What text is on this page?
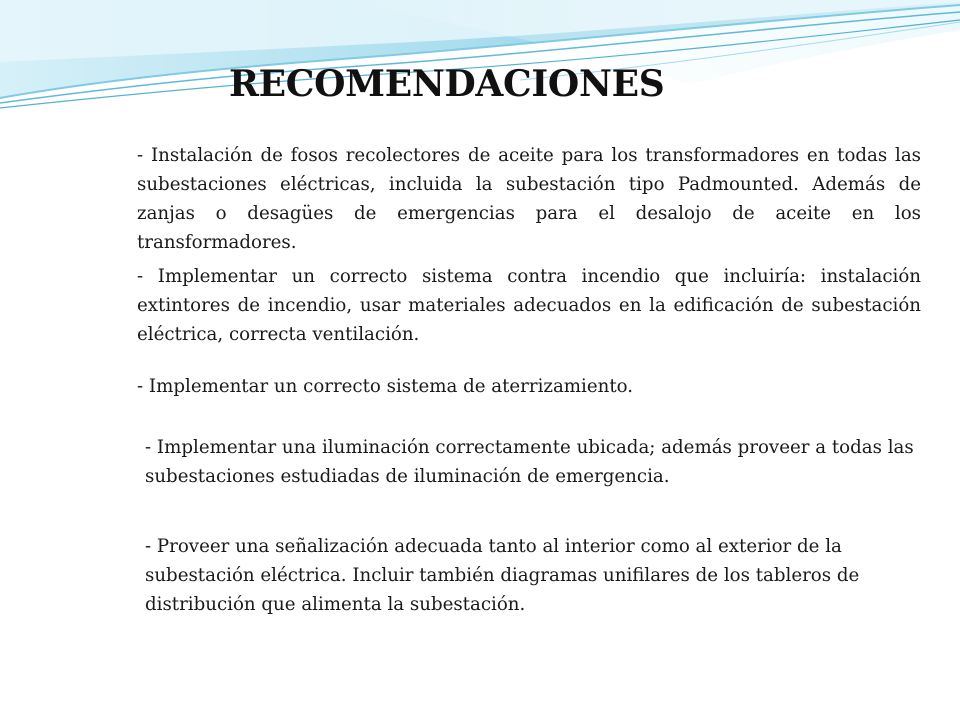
RECOMENDACIONES

- Instalación de fosos recolectores de aceite para los transformadores en todas las subestaciones eléctricas, incluida la subestación tipo Padmounted. Además de zanjas o desagües de emergencias para el desalojo de aceite en los transformadores.

- Implementar un correcto sistema contra incendio que incluiría: instalación extintores de incendio, usar materiales adecuados en la edificación de subestación eléctrica, correcta ventilación.

- Implementar un correcto sistema de aterrizamiento.

- Implementar una iluminación correctamente ubicada; además proveer a todas las subestaciones estudiadas de iluminación de emergencia.

- Proveer una señalización adecuada tanto al interior como al exterior de la subestación eléctrica. Incluir también diagramas unifilares de los tableros de distribución que alimenta la subestación.
